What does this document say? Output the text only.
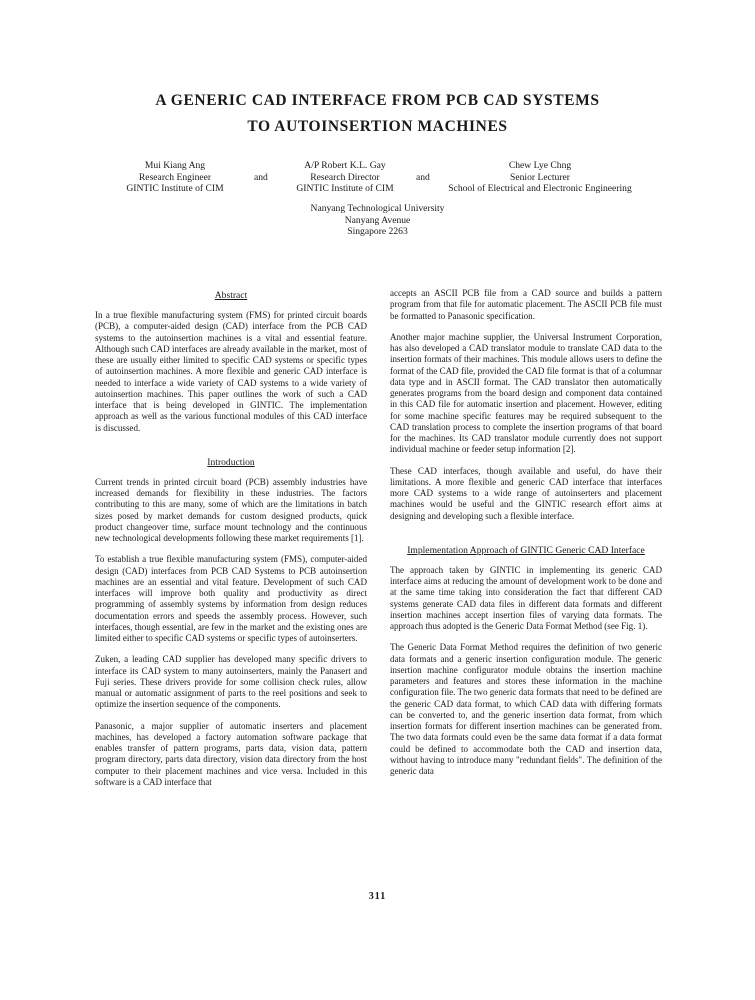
A GENERIC CAD INTERFACE FROM PCB CAD SYSTEMS
TO AUTOINSERTION MACHINES
Mui Kiang Ang
Research Engineer
GINTIC Institute of CIM
and
A/P Robert K.L. Gay
Research Director
GINTIC Institute of CIM
and
Chew Lye Chng
Senior Lecturer
School of Electrical and Electronic Engineering
Nanyang Technological University
Nanyang Avenue
Singapore 2263
Abstract

In a true flexible manufacturing system (FMS) for printed circuit boards (PCB), a computer-aided design (CAD) interface from the PCB CAD systems to the autoinsertion machines is a vital and essential feature. Although such CAD interfaces are already available in the market, most of these are usually either limited to specific CAD systems or specific types of autoinsertion machines. A more flexible and generic CAD interface is needed to interface a wide variety of CAD systems to a wide variety of autoinsertion machines. This paper outlines the work of such a CAD interface that is being developed in GINTIC. The implementation approach as well as the various functional modules of this CAD interface is discussed.

Introduction

Current trends in printed circuit board (PCB) assembly industries have increased demands for flexibility in these industries. The factors contributing to this are many, some of which are the limitations in batch sizes posed by market demands for custom designed products, quick product changeover time, surface mount technology and the continuous new technological developments following these market requirements [1].

To establish a true flexible manufacturing system (FMS), computer-aided design (CAD) interfaces from PCB CAD Systems to PCB autoinsertion machines are an essential and vital feature. Development of such CAD interfaces will improve both quality and productivity as direct programming of assembly systems by information from design reduces documentation errors and speeds the assembly process. However, such interfaces, though essential, are few in the market and the existing ones are limited either to specific CAD systems or specific types of autoinserters.

Zuken, a leading CAD supplier has developed many specific drivers to interface its CAD system to many autoinserters, mainly the Panasert and Fuji series. These drivers provide for some collision check rules, allow manual or automatic assignment of parts to the reel positions and seek to optimize the insertion sequence of the components.

Panasonic, a major supplier of automatic inserters and placement machines, has developed a factory automation software package that enables transfer of pattern programs, parts data, vision data, pattern program directory, parts data directory, vision data directory from the host computer to their placement machines and vice versa. Included in this software is a CAD interface that

accepts an ASCII PCB file from a CAD source and builds a pattern program from that file for automatic placement. The ASCII PCB file must be formatted to Panasonic specification.

Another major machine supplier, the Universal Instrument Corporation, has also developed a CAD translator module to translate CAD data to the insertion formats of their machines. This module allows users to define the format of the CAD file, provided the CAD file format is that of a columnar data type and in ASCII format. The CAD translator then automatically generates programs from the board design and component data contained in this CAD file for automatic insertion and placement. However, editing for some machine specific features may be required subsequent to the CAD translation process to complete the insertion programs of that board for the machines. Its CAD translator module currently does not support individual machine or feeder setup information [2].

These CAD interfaces, though available and useful, do have their limitations. A more flexible and generic CAD interface that interfaces more CAD systems to a wide range of autoinserters and placement machines would be useful and the GINTIC research effort aims at designing and developing such a flexible interface.

Implementation Approach of GINTIC Generic CAD Interface

The approach taken by GINTIC in implementing its generic CAD interface aims at reducing the amount of development work to be done and at the same time taking into consideration the fact that different CAD systems generate CAD data files in different data formats and different insertion machines accept insertion files of varying data formats. The approach thus adopted is the Generic Data Format Method (see Fig. 1).

The Generic Data Format Method requires the definition of two generic data formats and a generic insertion configuration module. The generic insertion machine configurator module obtains the insertion machine parameters and features and stores these information in the machine configuration file. The two generic data formats that need to be defined are the generic CAD data format, to which CAD data with differing formats can be converted to, and the generic insertion data format, from which insertion formats for different insertion machines can be generated from. The two data formats could even be the same data format if a data format could be defined to accommodate both the CAD and insertion data, without having to introduce many "redundant fields". The definition of the generic data

311
